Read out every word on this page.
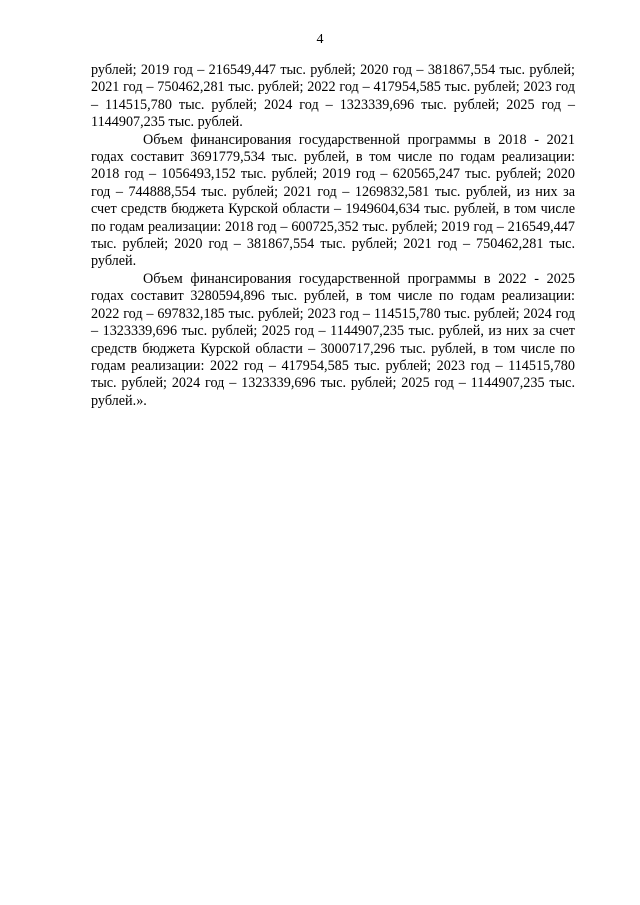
4

рублей; 2019 год – 216549,447 тыс. рублей; 2020 год – 381867,554 тыс. рублей; 2021 год – 750462,281 тыс. рублей; 2022 год – 417954,585 тыс. рублей; 2023 год – 114515,780 тыс. рублей; 2024 год – 1323339,696 тыс. рублей; 2025 год – 1144907,235 тыс. рублей.

Объем финансирования государственной программы в 2018 - 2021 годах составит 3691779,534 тыс. рублей, в том числе по годам реализации: 2018 год – 1056493,152 тыс. рублей; 2019 год – 620565,247 тыс. рублей; 2020 год – 744888,554 тыс. рублей; 2021 год – 1269832,581 тыс. рублей, из них за счет средств бюджета Курской области – 1949604,634 тыс. рублей, в том числе по годам реализации: 2018 год – 600725,352 тыс. рублей; 2019 год – 216549,447 тыс. рублей; 2020 год – 381867,554 тыс. рублей; 2021 год – 750462,281 тыс. рублей.

Объем финансирования государственной программы в 2022 - 2025 годах составит 3280594,896 тыс. рублей, в том числе по годам реализации: 2022 год – 697832,185 тыс. рублей; 2023 год – 114515,780 тыс. рублей; 2024 год – 1323339,696 тыс. рублей; 2025 год – 1144907,235 тыс. рублей, из них за счет средств бюджета Курской области – 3000717,296 тыс. рублей, в том числе по годам реализации: 2022 год – 417954,585 тыс. рублей; 2023 год – 114515,780 тыс. рублей; 2024 год – 1323339,696 тыс. рублей; 2025 год – 1144907,235 тыс. рублей.».
